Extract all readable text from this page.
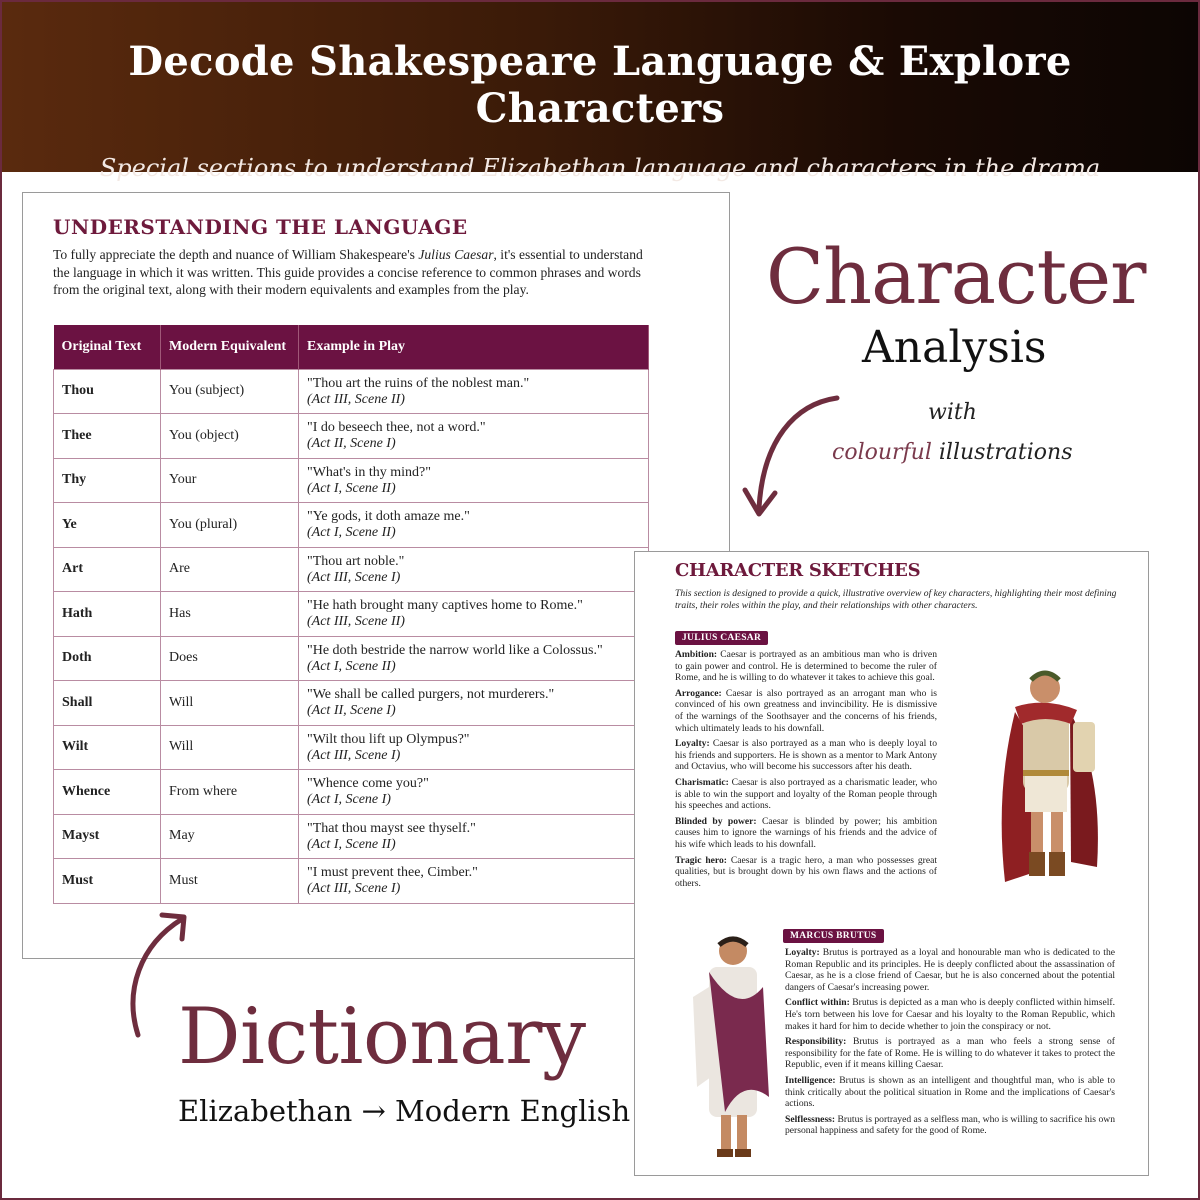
Decode Shakespeare Language & Explore Characters

Special sections to understand Elizabethan language and characters in the drama

UNDERSTANDING THE LANGUAGE
To fully appreciate the depth and nuance of William Shakespeare's Julius Caesar, it's essential to understand the language in which it was written. This guide provides a concise reference to common phrases and words from the original text, along with their modern equivalents and examples from the play.
Original Text	Modern Equivalent	Example in Play
Thou	You (subject)	"Thou art the ruins of the noblest man."
(Act III, Scene II)

Thee	You (object)	"I do beseech thee, not a word."
(Act II, Scene I)

Thy	Your	"What's in thy mind?"
(Act I, Scene II)

Ye	You (plural)	"Ye gods, it doth amaze me."
(Act I, Scene II)

Art	Are	"Thou art noble."
(Act III, Scene I)

Hath	Has	"He hath brought many captives home to Rome."
(Act III, Scene II)

Doth	Does	"He doth bestride the narrow world like a Colossus."
(Act I, Scene II)

Shall	Will	"We shall be called purgers, not murderers."
(Act II, Scene I)

Wilt	Will	"Wilt thou lift up Olympus?"
(Act III, Scene I)

Whence	From where	"Whence come you?"
(Act I, Scene I)

Mayst	May	"That thou mayst see thyself."
(Act I, Scene II)

Must	Must	"I must prevent thee, Cimber."
(Act III, Scene I)
Character
Analysis
with
colourful illustrations
Dictionary
Elizabethan → Modern English
CHARACTER SKETCHES
This section is designed to provide a quick, illustrative overview of key characters, highlighting their most defining traits, their roles within the play, and their relationships with other characters.
JULIUS CAESAR

Ambition: Caesar is portrayed as an ambitious man who is driven to gain power and control. He is determined to become the ruler of Rome, and he is willing to do whatever it takes to achieve this goal.

Arrogance: Caesar is also portrayed as an arrogant man who is convinced of his own greatness and invincibility. He is dismissive of the warnings of the Soothsayer and the concerns of his friends, which ultimately leads to his downfall.

Loyalty: Caesar is also portrayed as a man who is deeply loyal to his friends and supporters. He is shown as a mentor to Mark Antony and Octavius, who will become his successors after his death.

Charismatic: Caesar is also portrayed as a charismatic leader, who is able to win the support and loyalty of the Roman people through his speeches and actions.

Blinded by power: Caesar is blinded by power; his ambition causes him to ignore the warnings of his friends and the advice of his wife which leads to his downfall.

Tragic hero: Caesar is a tragic hero, a man who possesses great qualities, but is brought down by his own flaws and the actions of others.

MARCUS BRUTUS

Loyalty: Brutus is portrayed as a loyal and honourable man who is dedicated to the Roman Republic and its principles. He is deeply conflicted about the assassination of Caesar, as he is a close friend of Caesar, but he is also concerned about the potential dangers of Caesar's increasing power.

Conflict within: Brutus is depicted as a man who is deeply conflicted within himself. He's torn between his love for Caesar and his loyalty to the Roman Republic, which makes it hard for him to decide whether to join the conspiracy or not.

Responsibility: Brutus is portrayed as a man who feels a strong sense of responsibility for the fate of Rome. He is willing to do whatever it takes to protect the Republic, even if it means killing Caesar.

Intelligence: Brutus is shown as an intelligent and thoughtful man, who is able to think critically about the political situation in Rome and the implications of Caesar's actions.

Selflessness: Brutus is portrayed as a selfless man, who is willing to sacrifice his own personal happiness and safety for the good of Rome.
